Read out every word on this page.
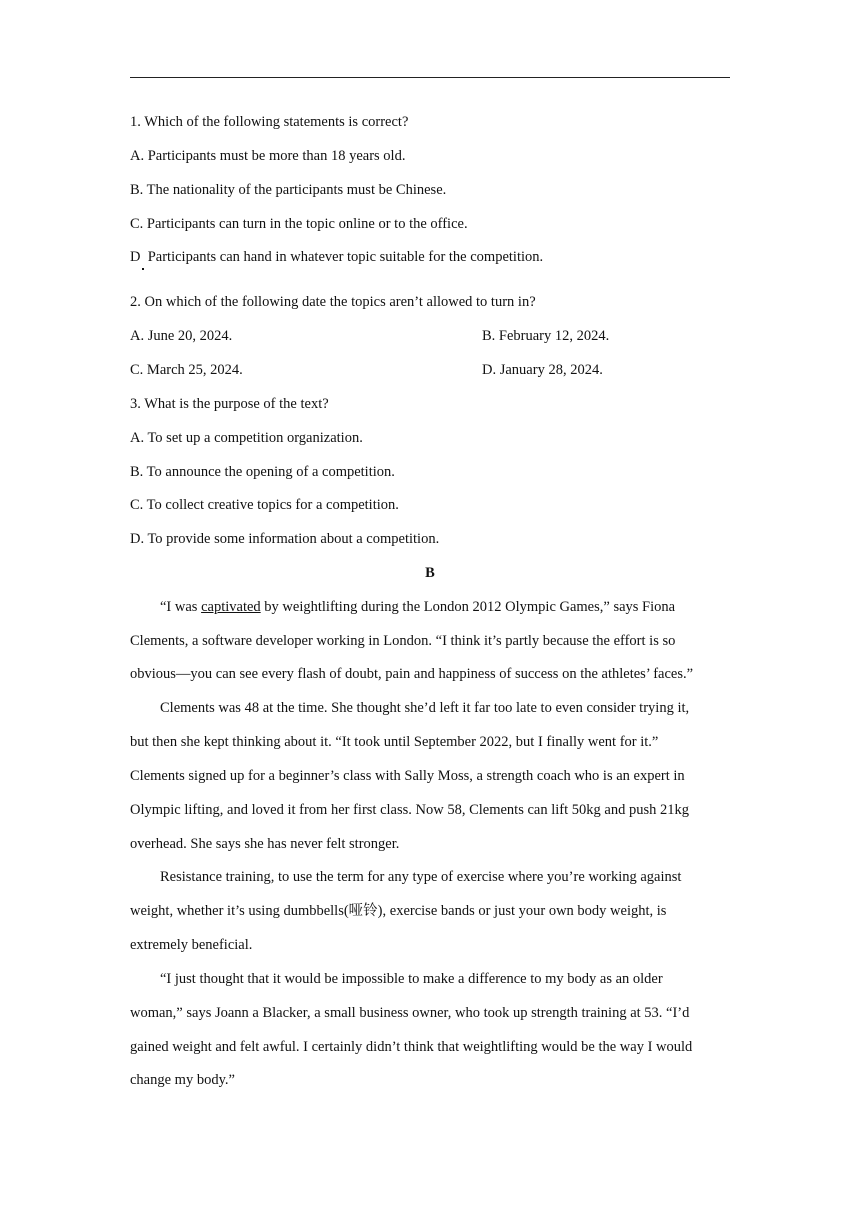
1. Which of the following statements is correct?
A. Participants must be more than 18 years old.
B. The nationality of the participants must be Chinese.
C. Participants can turn in the topic online or to the office.
D  Participants can hand in whatever topic suitable for the competition.
2. On which of the following date the topics aren’t allowed to turn in?
A. June 20, 2024.	B. February 12, 2024.
C. March 25, 2024.	D. January 28, 2024.
3. What is the purpose of the text?
A. To set up a competition organization.
B. To announce the opening of a competition.
C. To collect creative topics for a competition.
D. To provide some information about a competition.
B
“I was captivated by weightlifting during the London 2012 Olympic Games,” says Fiona
Clements, a software developer working in London. “I think it’s partly because the effort is so
obvious—you can see every flash of doubt, pain and happiness of success on the athletes’ faces.”
Clements was 48 at the time. She thought she’d left it far too late to even consider trying it,
but then she kept thinking about it. “It took until September 2022, but I finally went for it.”
Clements signed up for a beginner’s class with Sally Moss, a strength coach who is an expert in
Olympic lifting, and loved it from her first class. Now 58, Clements can lift 50kg and push 21kg
overhead. She says she has never felt stronger.
Resistance training, to use the term for any type of exercise where you’re working against
weight, whether it’s using dumbbells(哑铃), exercise bands or just your own body weight, is
extremely beneficial.
“I just thought that it would be impossible to make a difference to my body as an older
woman,” says Joann a Blacker, a small business owner, who took up strength training at 53. “I’d
gained weight and felt awful. I certainly didn’t think that weightlifting would be the way I would
change my body.”
